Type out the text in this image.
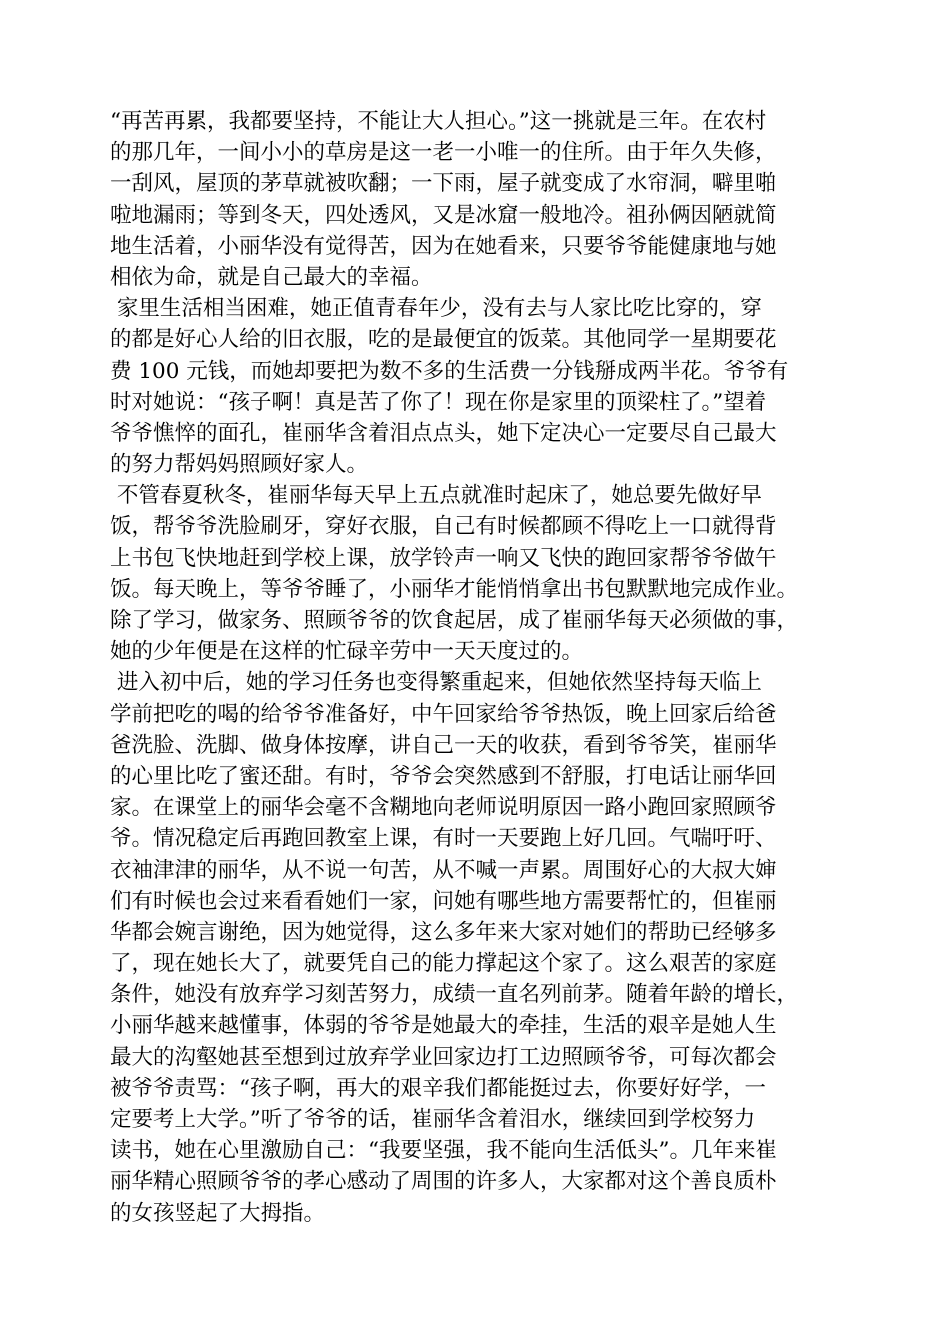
“再苦再累，我都要坚持，不能让大人担心。”这一挑就是三年。在农村
的那几年，一间小小的草房是这一老一小唯一的住所。由于年久失修，
一刮风，屋顶的茅草就被吹翻；一下雨，屋子就变成了水帘洞，噼里啪
啦地漏雨；等到冬天，四处透风，又是冰窟一般地冷。祖孙俩因陋就简
地生活着，小丽华没有觉得苦，因为在她看来，只要爷爷能健康地与她
相依为命，就是自己最大的幸福。
家里生活相当困难，她正值青春年少，没有去与人家比吃比穿的，穿
的都是好心人给的旧衣服，吃的是最便宜的饭菜。其他同学一星期要花
费 100 元钱，而她却要把为数不多的生活费一分钱掰成两半花。爷爷有
时对她说：“孩子啊！真是苦了你了！现在你是家里的顶梁柱了。”望着
爷爷憔悴的面孔，崔丽华含着泪点点头，她下定决心一定要尽自己最大
的努力帮妈妈照顾好家人。
不管春夏秋冬，崔丽华每天早上五点就准时起床了，她总要先做好早
饭，帮爷爷洗脸刷牙，穿好衣服，自己有时候都顾不得吃上一口就得背
上书包飞快地赶到学校上课，放学铃声一响又飞快的跑回家帮爷爷做午
饭。每天晚上，等爷爷睡了，小丽华才能悄悄拿出书包默默地完成作业。
除了学习，做家务、照顾爷爷的饮食起居，成了崔丽华每天必须做的事，
她的少年便是在这样的忙碌辛劳中一天天度过的。
进入初中后，她的学习任务也变得繁重起来，但她依然坚持每天临上
学前把吃的喝的给爷爷准备好，中午回家给爷爷热饭，晚上回家后给爸
爸洗脸、洗脚、做身体按摩，讲自己一天的收获，看到爷爷笑，崔丽华
的心里比吃了蜜还甜。有时，爷爷会突然感到不舒服，打电话让丽华回
家。在课堂上的丽华会毫不含糊地向老师说明原因一路小跑回家照顾爷
爷。情况稳定后再跑回教室上课，有时一天要跑上好几回。气喘吁吁、
衣袖津津的丽华，从不说一句苦，从不喊一声累。周围好心的大叔大婶
们有时候也会过来看看她们一家，问她有哪些地方需要帮忙的，但崔丽
华都会婉言谢绝，因为她觉得，这么多年来大家对她们的帮助已经够多
了，现在她长大了，就要凭自己的能力撑起这个家了。这么艰苦的家庭
条件，她没有放弃学习刻苦努力，成绩一直名列前茅。随着年龄的增长，
小丽华越来越懂事，体弱的爷爷是她最大的牵挂，生活的艰辛是她人生
最大的沟壑她甚至想到过放弃学业回家边打工边照顾爷爷，可每次都会
被爷爷责骂：“孩子啊，再大的艰辛我们都能挺过去，你要好好学，一
定要考上大学。”听了爷爷的话，崔丽华含着泪水，继续回到学校努力
读书，她在心里激励自己：“我要坚强，我不能向生活低头”。几年来崔
丽华精心照顾爷爷的孝心感动了周围的许多人，大家都对这个善良质朴
的女孩竖起了大拇指。
